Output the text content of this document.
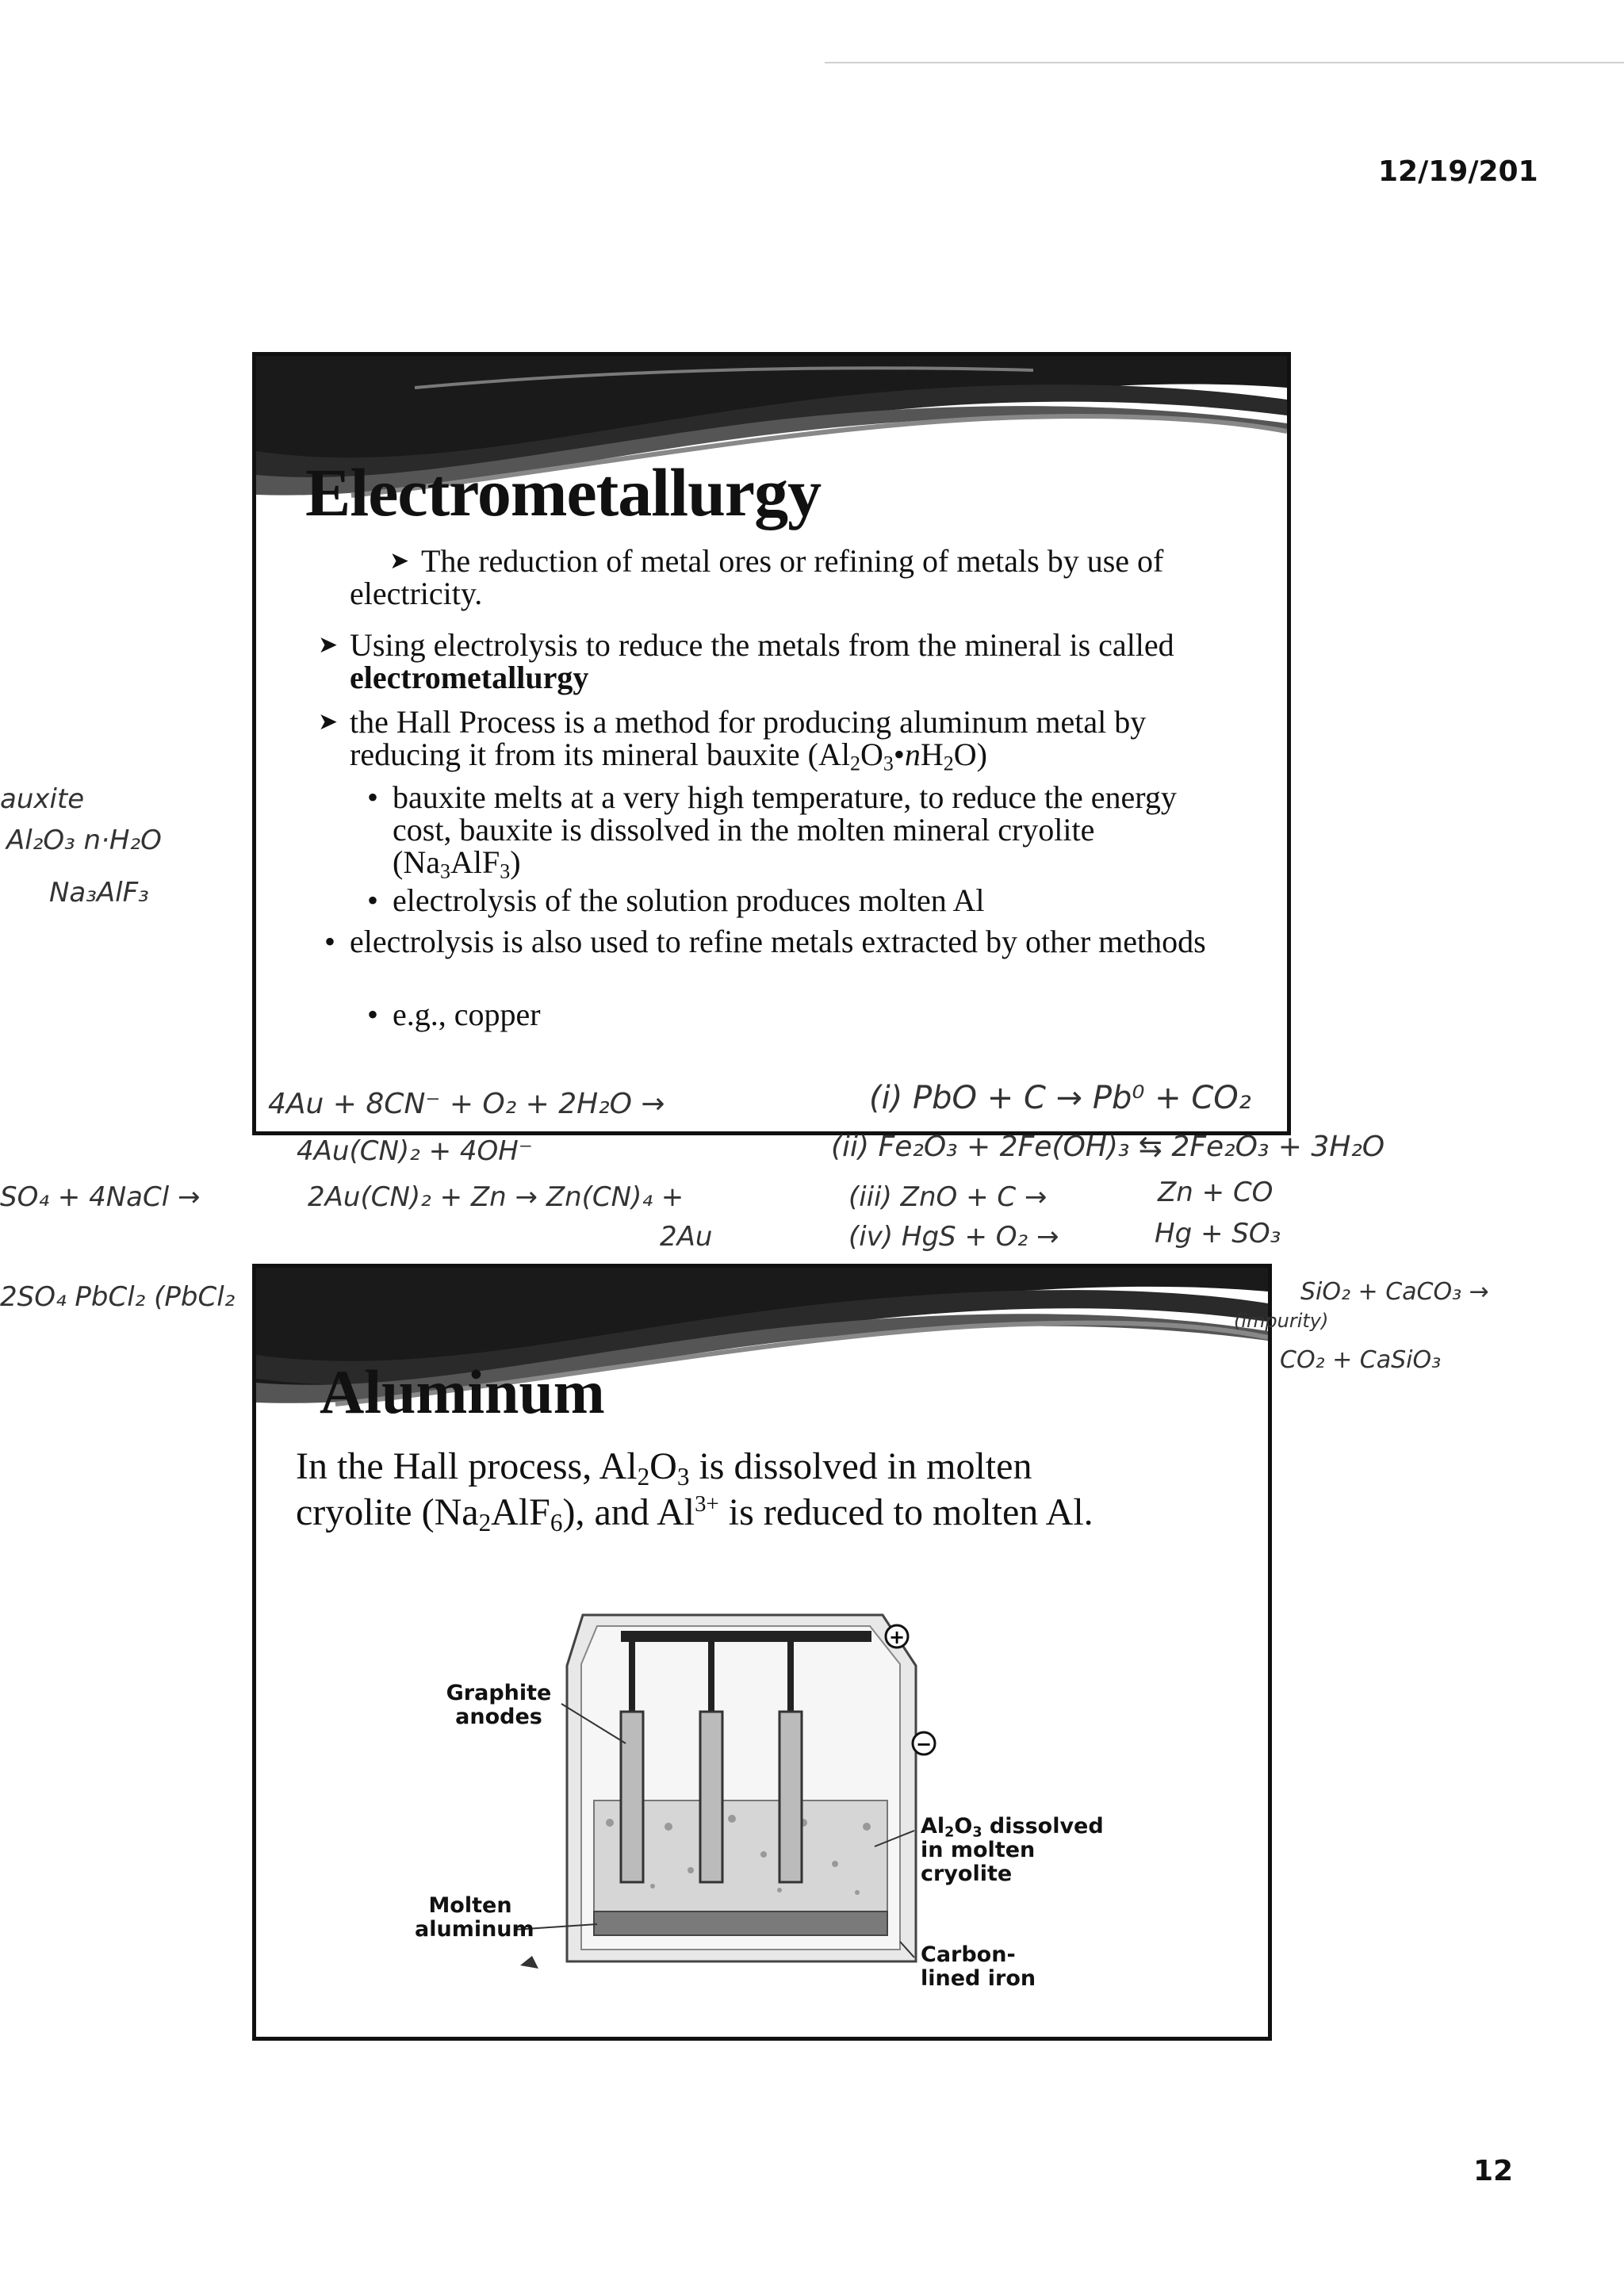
12/19/201
Electrometallurgy
➤ The reduction of metal ores or refining of metals by use of electricity.
➤ Using electrolysis to reduce the metals from the mineral is called electrometallurgy
➤ the Hall Process is a method for producing aluminum metal by reducing it from its mineral bauxite $(Al_2O_3•nH_2O)$
• bauxite melts at a very high temperature, to reduce the energy cost, bauxite is dissolved in the molten mineral cryolite $(Na_3AlF_3)$
• electrolysis of the solution produces molten Al
• electrolysis is also used to refine metals extracted by other methods
• e.g., copper
Aluminum
In the Hall process, $Al_2O_3$ is dissolved in molten cryolite $(Na_2AlF_6)$, and $Al^{3+}$ is reduced to molten Al.
+
−
Graphite anodes
$Al_2O_3$ dissolved in molten cryolite
Molten aluminum
Carbon-lined iron
auxite
Al₂O₃ n·H₂O
Na₃AlF₃
4Au + 8CN⁻ + O₂ + 2H₂O →	(i) PbO + C → Pb⁰ + CO₂
4Au(CN)₂ + 4OH⁻	(ii) Fe₂O₃ + 2Fe(OH)₃ ⇆ 2Fe₂O₃ + 3H₂O
SO₄ + 4NaCl →	2Au(CN)₂ + Zn → Zn(CN)₄ +	(iii) ZnO + C →	Zn + CO
2Au	(iv) HgS + O₂ →	Hg + SO₃
2SO₄ PbCl₂ (PbCl₂	SiO₂ + CaCO₃ →
(impurity)
CO₂ + CaSiO₃
12
